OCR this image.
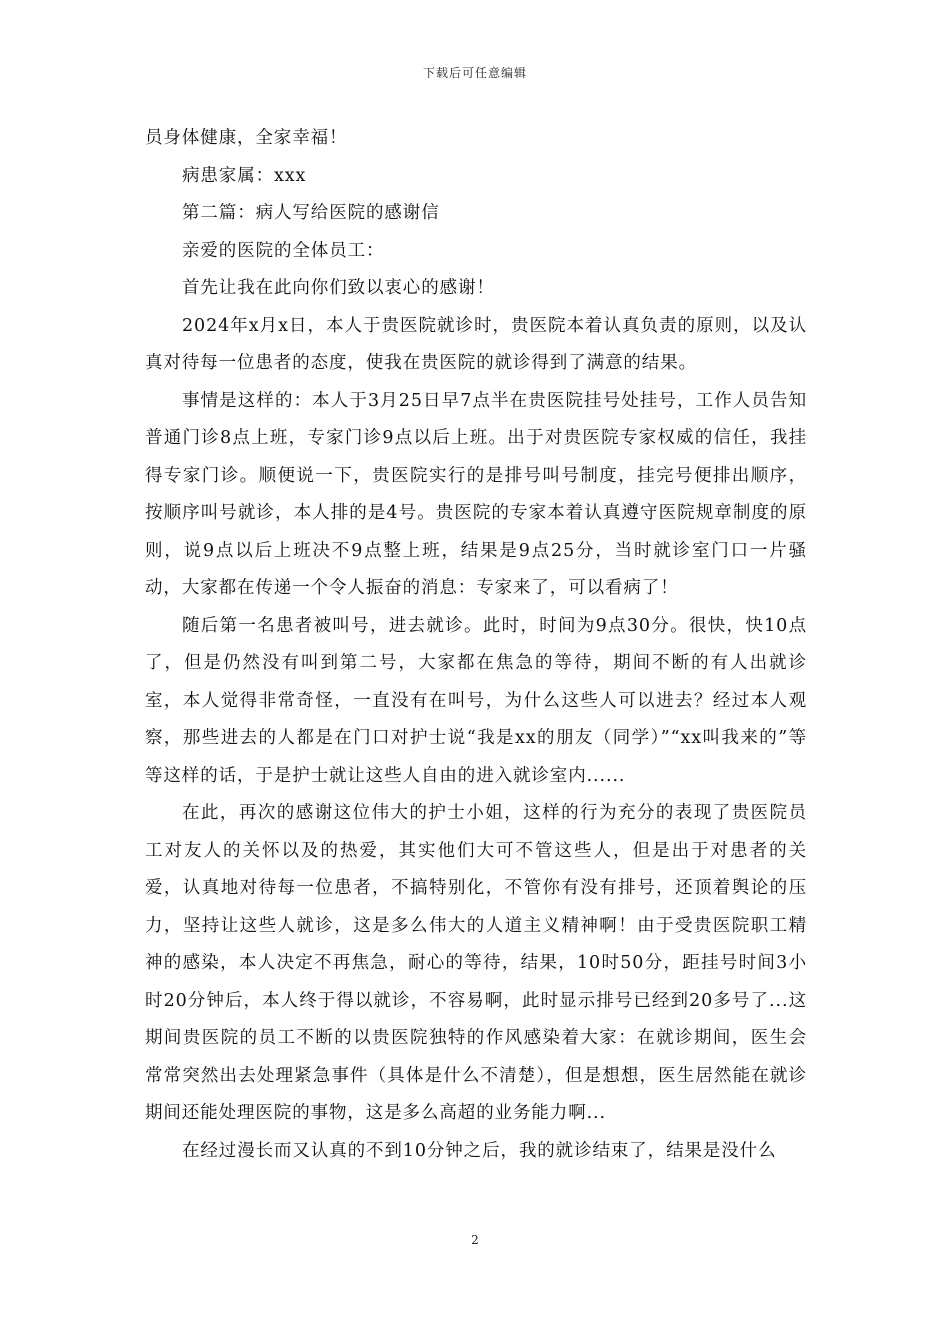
下载后可任意编辑

员身体健康，全家幸福！

病患家属：xxx

第二篇：病人写给医院的感谢信

亲爱的医院的全体员工：

首先让我在此向你们致以衷心的感谢！

2024年x月x日，本人于贵医院就诊时，贵医院本着认真负责的原则，以及认真对待每一位患者的态度，使我在贵医院的就诊得到了满意的结果。

事情是这样的：本人于3月25日早7点半在贵医院挂号处挂号，工作人员告知普通门诊8点上班，专家门诊9点以后上班。出于对贵医院专家权威的信任，我挂得专家门诊。顺便说一下，贵医院实行的是排号叫号制度，挂完号便排出顺序，按顺序叫号就诊，本人排的是4号。贵医院的专家本着认真遵守医院规章制度的原则，说9点以后上班决不9点整上班，结果是9点25分，当时就诊室门口一片骚动，大家都在传递一个令人振奋的消息：专家来了，可以看病了！

随后第一名患者被叫号，进去就诊。此时，时间为9点30分。很快，快10点了，但是仍然没有叫到第二号，大家都在焦急的等待，期间不断的有人出就诊室，本人觉得非常奇怪，一直没有在叫号，为什么这些人可以进去？经过本人观察，那些进去的人都是在门口对护士说“我是xx的朋友（同学）”“xx叫我来的”等等这样的话，于是护士就让这些人自由的进入就诊室内......

在此，再次的感谢这位伟大的护士小姐，这样的行为充分的表现了贵医院员工对友人的关怀以及的热爱，其实他们大可不管这些人，但是出于对患者的关爱，认真地对待每一位患者，不搞特别化，不管你有没有排号，还顶着舆论的压力，坚持让这些人就诊，这是多么伟大的人道主义精神啊！由于受贵医院职工精神的感染，本人决定不再焦急，耐心的等待，结果，10时50分，距挂号时间3小时20分钟后，本人终于得以就诊，不容易啊，此时显示排号已经到20多号了...这期间贵医院的员工不断的以贵医院独特的作风感染着大家：在就诊期间，医生会常常突然出去处理紧急事件（具体是什么不清楚），但是想想，医生居然能在就诊期间还能处理医院的事物，这是多么高超的业务能力啊...

在经过漫长而又认真的不到10分钟之后，我的就诊结束了，结果是没什么

2
